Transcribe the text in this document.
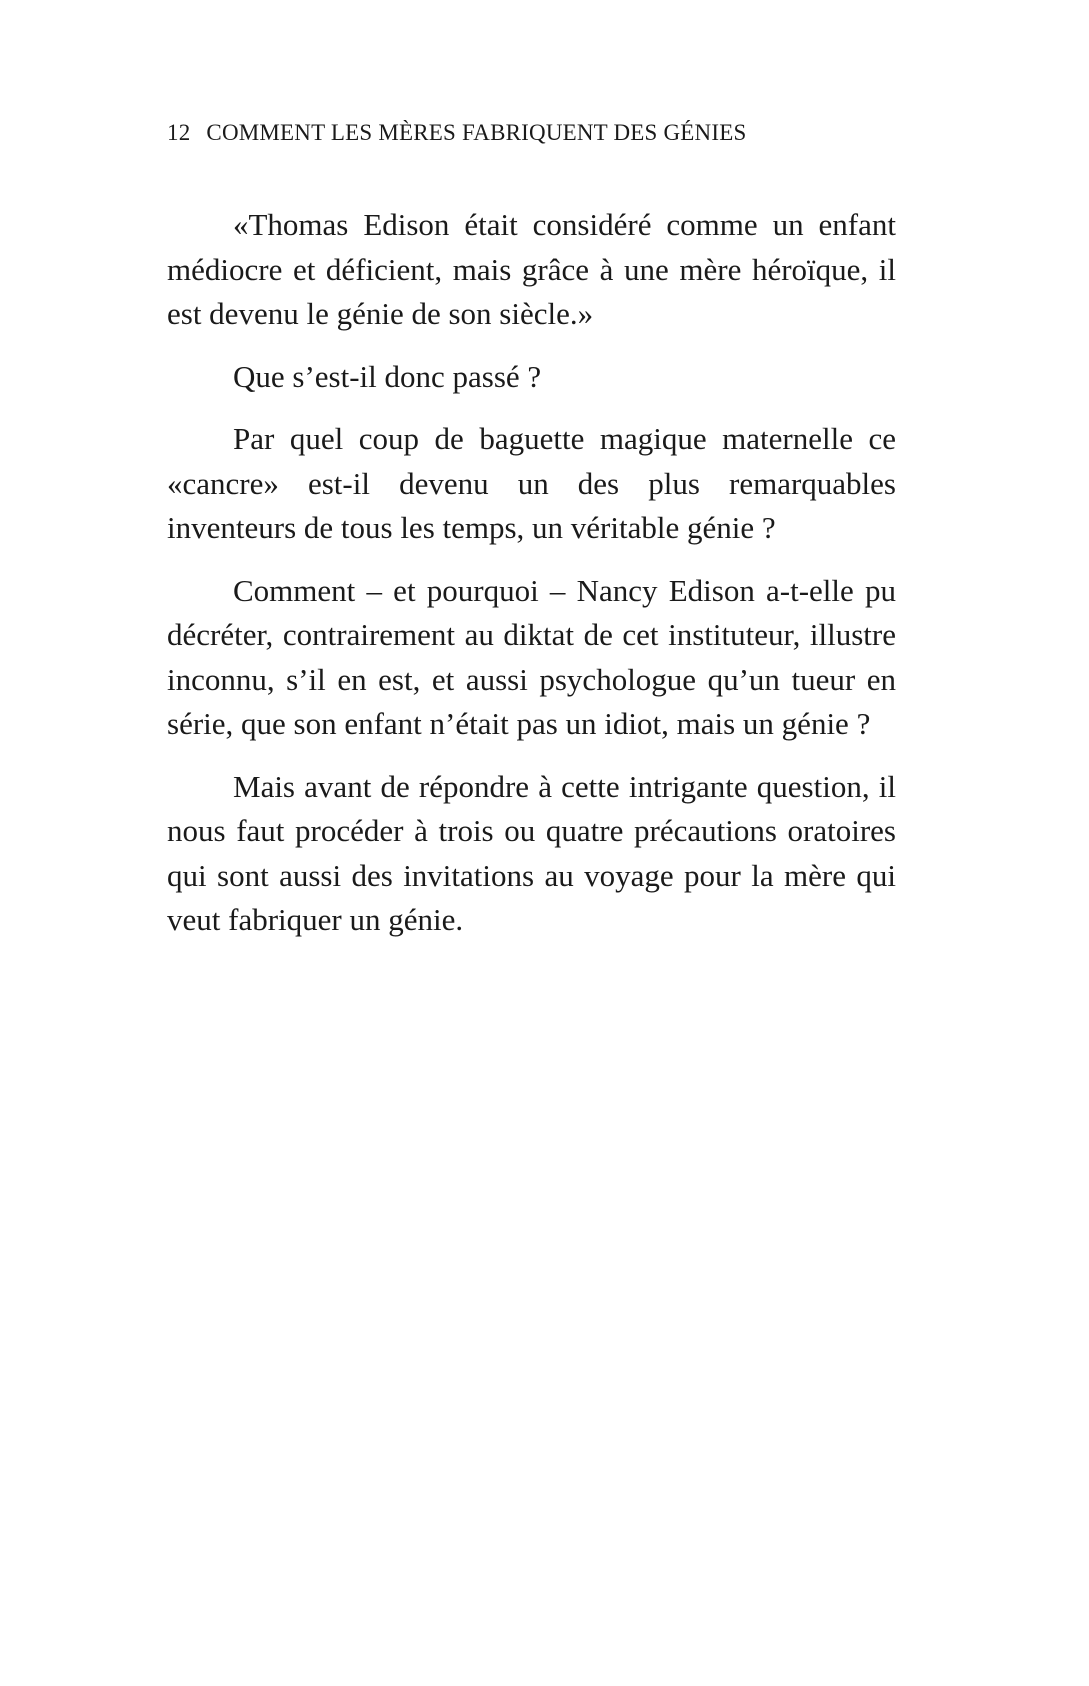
12 COMMENT LES MÈRES FABRIQUENT DES GÉNIES

«Thomas Edison était considéré comme un enfant médiocre et déficient, mais grâce à une mère héroïque, il est devenu le génie de son siècle.»

Que s’est-il donc passé ?

Par quel coup de baguette magique maternelle ce «cancre» est-il devenu un des plus remarquables inventeurs de tous les temps, un véritable génie ?

Comment – et pourquoi – Nancy Edison a-t-elle pu décréter, contrairement au diktat de cet instituteur, illustre inconnu, s’il en est, et aussi psychologue qu’un tueur en série, que son enfant n’était pas un idiot, mais un génie ?

Mais avant de répondre à cette intrigante question, il nous faut procéder à trois ou quatre précautions oratoires qui sont aussi des invitations au voyage pour la mère qui veut fabriquer un génie.
